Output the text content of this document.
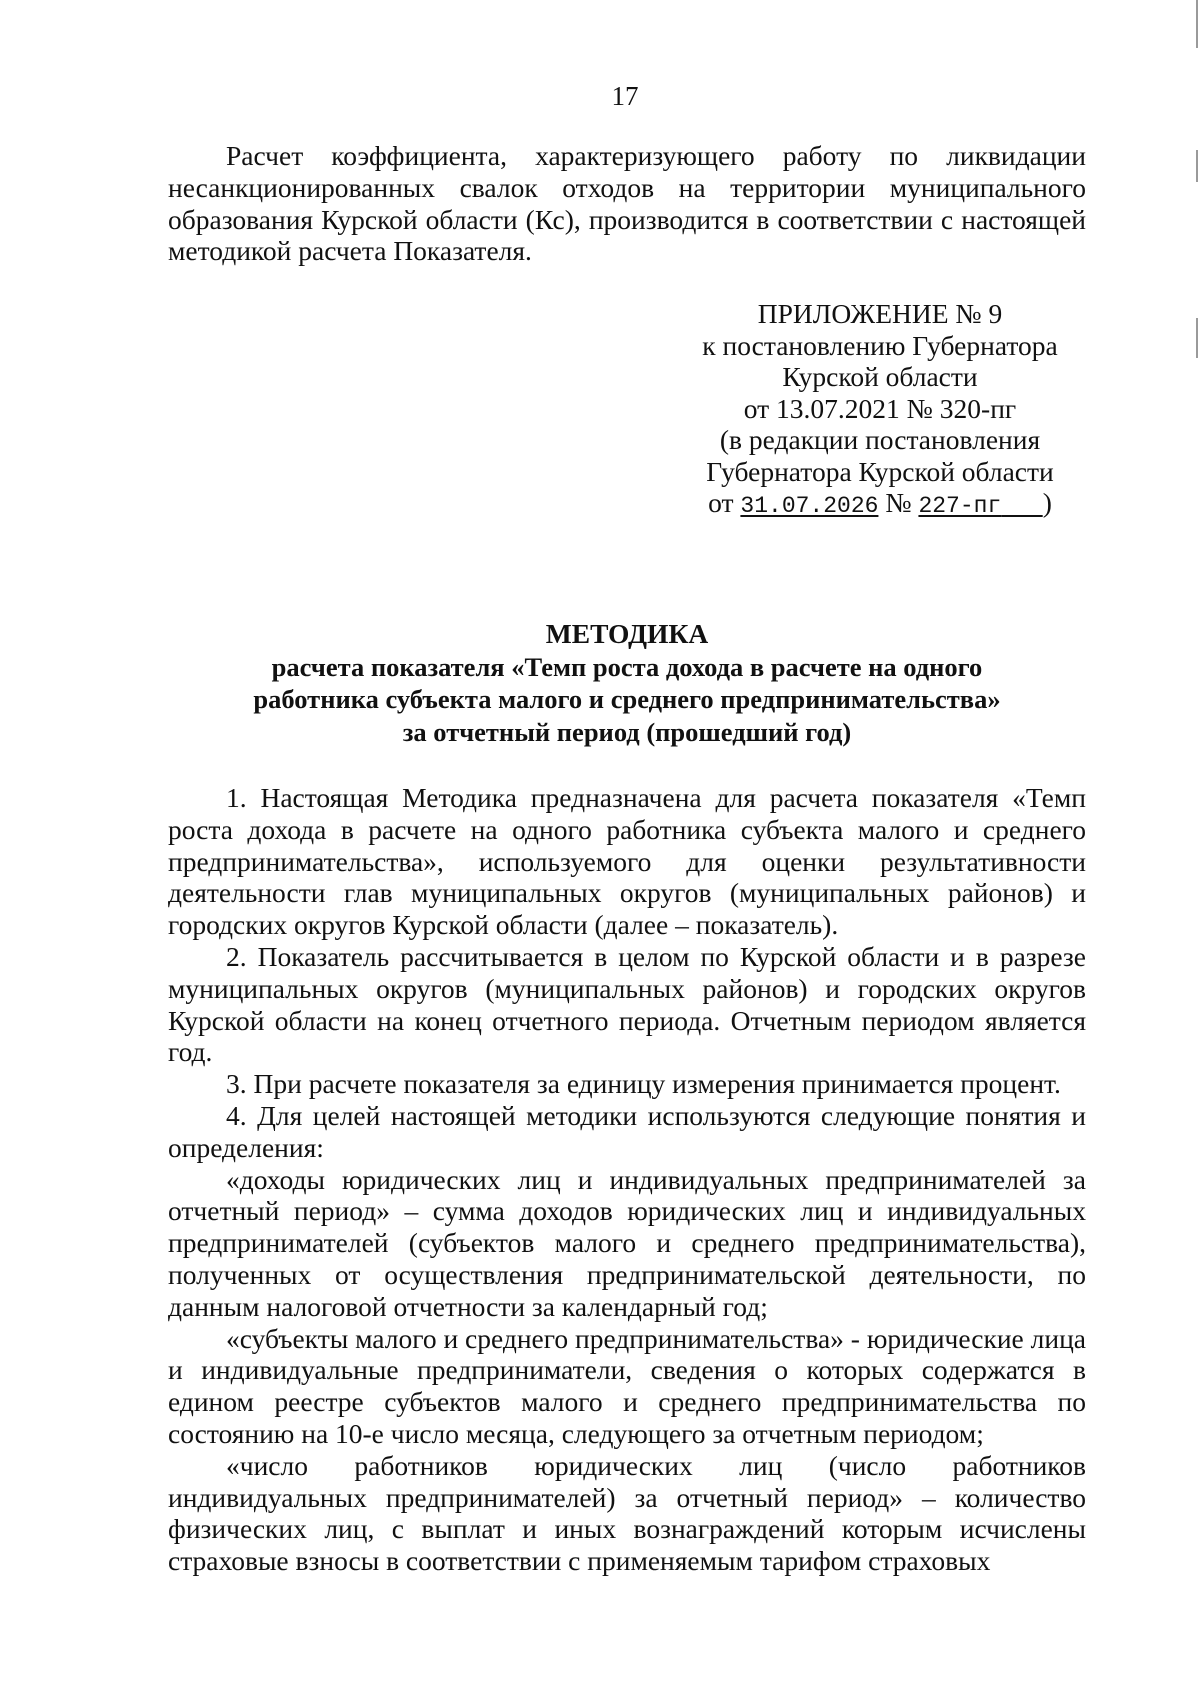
17

Расчет коэффициента, характеризующего работу по ликвидации несанкционированных свалок отходов на территории муниципального образования Курской области (Кс), производится в соответствии с настоящей методикой расчета Показателя.

ПРИЛОЖЕНИЕ № 9
к постановлению Губернатора
Курской области
от 13.07.2021 № 320-пг
(в редакции постановления
Губернатора Курской области
от 31.07.2026 № 227-пг )
МЕТОДИКА
расчета показателя «Темп роста дохода в расчете на одного
работника субъекта малого и среднего предпринимательства»
за отчетный период (прошедший год)

1. Настоящая Методика предназначена для расчета показателя «Темп роста дохода в расчете на одного работника субъекта малого и среднего предпринимательства», используемого для оценки результативности деятельности глав муниципальных округов (муниципальных районов) и городских округов Курской области (далее – показатель).

2. Показатель рассчитывается в целом по Курской области и в разрезе муниципальных округов (муниципальных районов) и городских округов Курской области на конец отчетного периода. Отчетным периодом является год.

3. При расчете показателя за единицу измерения принимается процент.

4. Для целей настоящей методики используются следующие понятия и определения:

«доходы юридических лиц и индивидуальных предпринимателей за отчетный период» – сумма доходов юридических лиц и индивидуальных предпринимателей (субъектов малого и среднего предпринимательства), полученных от осуществления предпринимательской деятельности, по данным налоговой отчетности за календарный год;

«субъекты малого и среднего предпринимательства» - юридические лица и индивидуальные предприниматели, сведения о которых содержатся в едином реестре субъектов малого и среднего предпринимательства по состоянию на 10-е число месяца, следующего за отчетным периодом;

«число работников юридических лиц (число работников индивидуальных предпринимателей) за отчетный период» – количество физических лиц, с выплат и иных вознаграждений которым исчислены страховые взносы в соответствии с применяемым тарифом страховых
